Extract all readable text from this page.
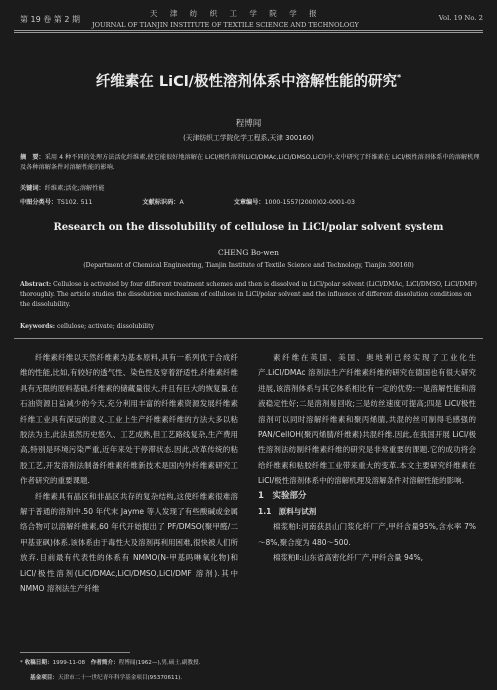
第 19 卷 第 2 期
天 津 纺 织 工 学 院 学 报
JOURNAL OF TIANJIN INSTITUTE OF TEXTILE SCIENCE AND TECHNOLOGY
Vol. 19 No. 2
纤维素在 LiCl/极性溶剂体系中溶解性能的研究*
程博闻
(天津纺织工学院化学工程系,天津 300160)
摘　要：采用 4 种不同的处理方法活化纤维素,使它能很好地溶解在 LiCl/极性溶剂(LiCl/DMAc,LiCl/DMSO,LiCl)中,文中研究了纤维素在 LiCl/极性溶剂体系中的溶解机理及各种溶解条件对溶解性能的影响.
关键词：纤维素;活化;溶解性能
中图分类号：TS102. 511	文献标识码：A	文章编号：1000-1557(2000)02-0001-03
Research on the dissolubility of cellulose in LiCl/polar solvent system
CHENG Bo-wen
(Department of Chemical Engineering, Tianjin Institute of Textile Science and Technology, Tianjin 300160)
Abstract: Cellulose is activated by four different treatment schemes and then is dissolved in LiCl/polar solvent (LiCl/DMAc, LiCl/DMSO, LiCl/DMF) thoroughly. The article studies the dissolution mechanism of cellulose in LiCl/polar solvent and the influence of different dissolution conditions on the dissolubility.
Keywords: cellulose; activate; dissolubility

纤维素纤维以天然纤维素为基本原料,具有一系列优于合成纤维的性能,比如,有较好的透气性、染色性及穿着舒适性,纤维素纤维具有无限的原料基础,纤维素的储藏量很大,并且有巨大的恢复量.在石油资源日益减少的今天,充分利用丰富的纤维素资源发展纤维素纤维工业具有深远的意义.工业上生产纤维素纤维的方法大多以粘胶法为主,此法虽然历史悠久、工艺成熟,但工艺路线复杂,生产费用高,特别是环境污染严重,近年来处于停滞状态.因此,改革传统的粘胶工艺,开发溶剂法制备纤维素纤维新技术是国内外纤维素研究工作者研究的重要课题.

纤维素具有晶区和非晶区共存的复杂结构,这使纤维素很难溶解于普通的溶剂中.50 年代末 Jayme 等人发现了有些酸碱或金属络合物可以溶解纤维素,60 年代开始提出了 PF/DMSO(聚甲醛/二甲基亚砜)体系.该体系由于毒性大及溶剂再利用困难,很快被人们所放弃.目前最有代表性的体系有 NMMO(N-甲基吗啉氧化物)和 LiCl/极性溶剂(LiCl/DMAc,LiCl/DMSO,LiCl/DMF 溶剂).其中 NMMO 溶剂法生产纤维

素纤维在英国、美国、奥地利已经实现了工业化生产.LiCl/DMAc 溶剂法生产纤维素纤维的研究在德国也有很大研究进展,该溶剂体系与其它体系相比有一定的优势:一是溶解性能和溶液稳定性好;二是溶剂易回收;三是纺丝速度可提高;四是 LiCl/极性溶剂可以同时溶解纤维素和聚丙烯腈,共混的丝可制得毛感强的 PAN/CellOH(聚丙烯腈/纤维素)共混纤维.因此,在我国开展 LiCl/极性溶剂法纺制纤维素纤维的研究是非常重要的课题.它的成功将会给纤维素和粘胶纤维工业带来重大的变革.本文主要研究纤维素在 LiCl/极性溶剂体系中的溶解机理及溶解条件对溶解性能的影响.

1　 实验部分

1.1　 原料与试剂

棉浆粕Ⅰ:河南获县山门浆化纤厂产,甲纤含量95%,含水率 7%～8%,聚合度为 480～500.

棉浆粕Ⅱ:山东省高密化纤厂产,甲纤含量 94%,

* 收稿日期：1999-11-08　 作者简介：程博闻(1962—),男,硕士,副教授.
基金项目：天津市二十一世纪青年科学基金项目(95370611).
